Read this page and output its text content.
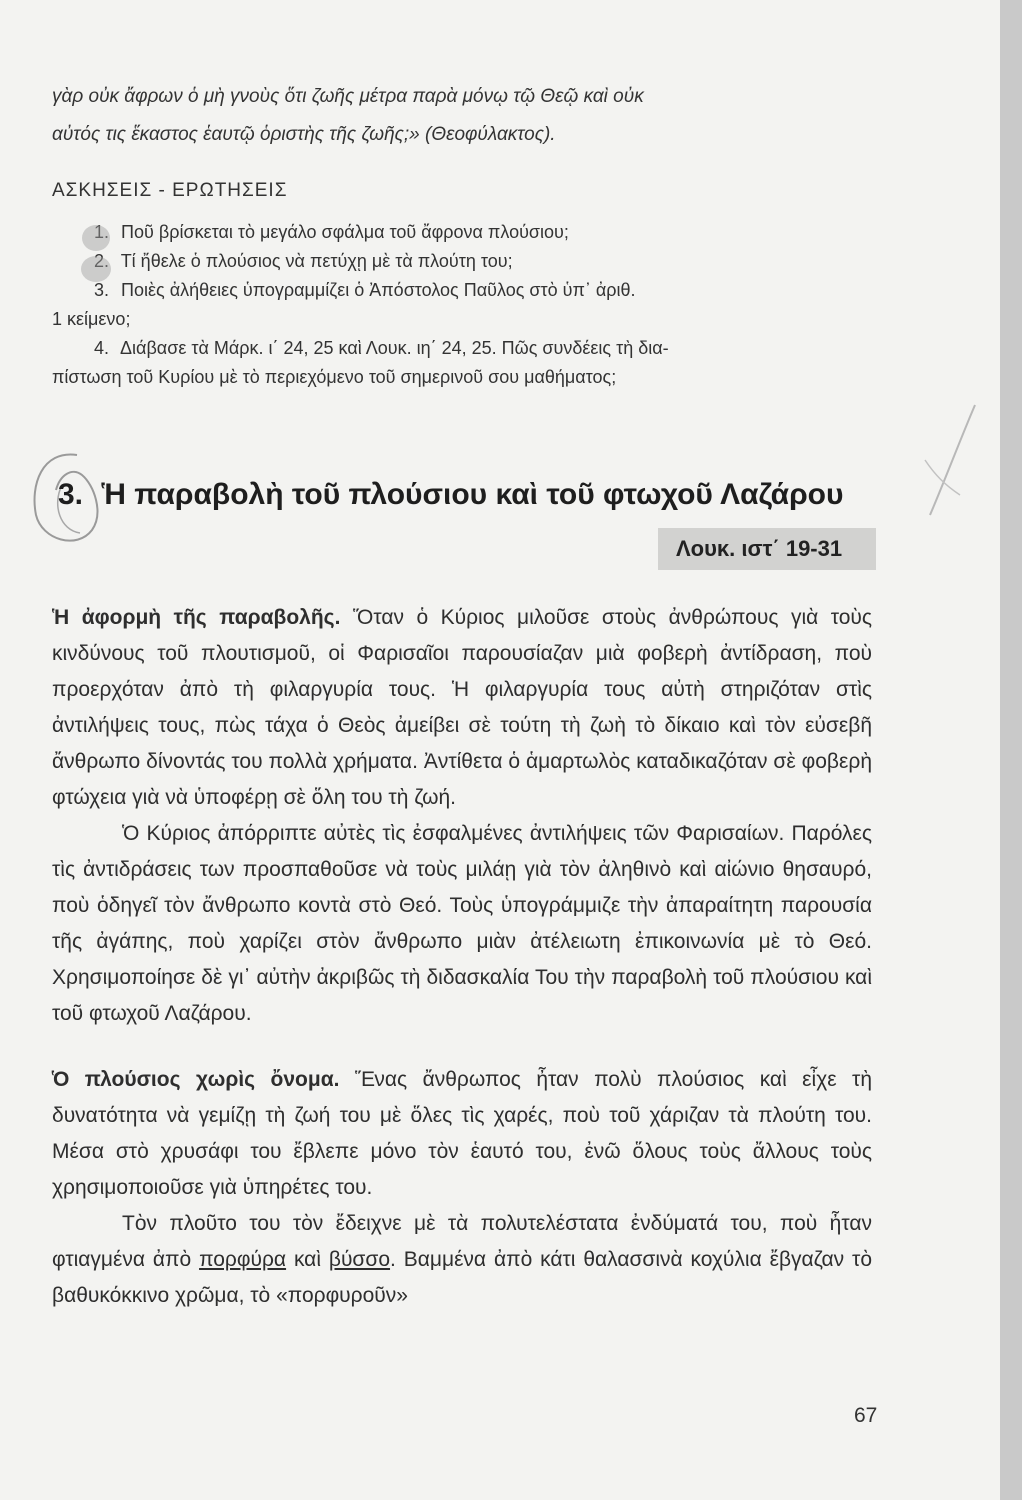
γὰρ οὐκ ἄφρων ὁ μὴ γνοὺς ὅτι ζωῆς μέτρα παρὰ μόνῳ τῷ Θεῷ καὶ οὐκ
αὐτός τις ἕκαστος ἑαυτῷ ὁριστὴς τῆς ζωῆς;» (Θεοφύλακτος).
ΑΣΚΗΣΕΙΣ - ΕΡΩΤΗΣΕΙΣ

1. Ποῦ βρίσκεται τὸ μεγάλο σφάλμα τοῦ ἄφρονα πλούσιου;

2. Τί ἤθελε ὁ πλούσιος νὰ πετύχῃ μὲ τὰ πλούτη του;

3. Ποιὲς ἀλήθειες ὑπογραμμίζει ὁ Ἀπόστολος Παῦλος στὸ ὑπ᾿ ἀριθ.

1 κείμενο;

4. Διάβασε τὰ Μάρκ. ι΄ 24, 25 καὶ Λουκ. ιη΄ 24, 25. Πῶς συνδέεις τὴ δια-

πίστωση τοῦ Κυρίου μὲ τὸ περιεχόμενο τοῦ σημερινοῦ σου μαθήματος;

3. Ἡ παραβολὴ τοῦ πλούσιου καὶ τοῦ φτωχοῦ Λαζάρου
Λουκ. ιστ΄ 19-31

Ἡ ἀφορμὴ τῆς παραβολῆς. Ὅταν ὁ Κύριος μιλοῦσε στοὺς ἀνθρώπους γιὰ τοὺς κινδύνους τοῦ πλουτισμοῦ, οἱ Φαρισαῖοι παρουσίαζαν μιὰ φοβερὴ ἀντίδραση, ποὺ προερχόταν ἀπὸ τὴ φιλαργυρία τους. Ἡ φιλαργυρία τους αὐτὴ στηριζόταν στὶς ἀντιλήψεις τους, πὼς τάχα ὁ Θεὸς ἀμείβει σὲ τούτη τὴ ζωὴ τὸ δίκαιο καὶ τὸν εὐσεβῆ ἄνθρωπο δίνοντάς του πολλὰ χρήματα. Ἀντίθετα ὁ ἁμαρτωλὸς καταδικαζόταν σὲ φοβερὴ φτώχεια γιὰ νὰ ὑποφέρῃ σὲ ὅλη του τὴ ζωή.

Ὁ Κύριος ἀπόρριπτε αὐτὲς τὶς ἐσφαλμένες ἀντιλήψεις τῶν Φαρισαίων. Παρόλες τὶς ἀντιδράσεις των προσπαθοῦσε νὰ τοὺς μιλάῃ γιὰ τὸν ἀληθινὸ καὶ αἰώνιο θησαυρό, ποὺ ὁδηγεῖ τὸν ἄνθρωπο κοντὰ στὸ Θεό. Τοὺς ὑπογράμμιζε τὴν ἀπαραίτητη παρουσία τῆς ἀγάπης, ποὺ χαρίζει στὸν ἄνθρωπο μιὰν ἀτέλειωτη ἐπικοινωνία μὲ τὸ Θεό. Χρησιμοποίησε δὲ γι᾿ αὐτὴν ἀκριβῶς τὴ διδασκαλία Του τὴν παραβολὴ τοῦ πλούσιου καὶ τοῦ φτωχοῦ Λαζάρου.

Ὁ πλούσιος χωρὶς ὄνομα. Ἕνας ἄνθρωπος ἦταν πολὺ πλούσιος καὶ εἶχε τὴ δυνατότητα νὰ γεμίζῃ τὴ ζωή του μὲ ὅλες τὶς χαρές, ποὺ τοῦ χάριζαν τὰ πλούτη του. Μέσα στὸ χρυσάφι του ἔβλεπε μόνο τὸν ἑαυτό του, ἐνῶ ὅλους τοὺς ἄλλους τοὺς χρησιμοποιοῦσε γιὰ ὑπηρέτες του.

Τὸν πλοῦτο του τὸν ἔδειχνε μὲ τὰ πολυτελέστατα ἐνδύματά του, ποὺ ἦταν φτιαγμένα ἀπὸ πορφύρα καὶ βύσσο. Βαμμένα ἀπὸ κάτι θαλασσινὰ κοχύλια ἔβγαζαν τὸ βαθυκόκκινο χρῶμα, τὸ «πορφυροῦν»

67
